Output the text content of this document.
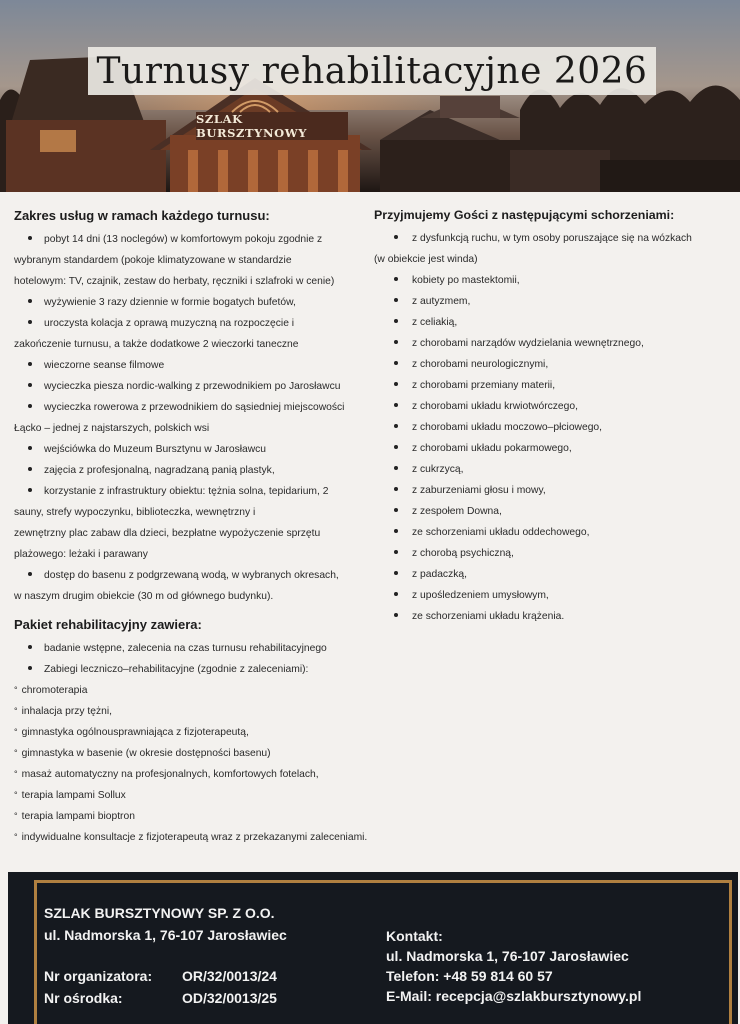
SZLAK BURSZTYNOWY
Turnusy rehabilitacyjne 2026
Zakres usług w ramach każdego turnusu:
pobyt 14 dni (13 noclegów) w komfortowym pokoju zgodnie z
wybranym standardem (pokoje klimatyzowane w standardzie
hotelowym: TV, czajnik, zestaw do herbaty, ręczniki i szlafroki w cenie)
wyżywienie 3 razy dziennie w formie bogatych bufetów,
uroczysta kolacja z oprawą muzyczną na rozpoczęcie i
zakończenie turnusu, a także dodatkowe 2 wieczorki taneczne
wieczorne seanse filmowe
wycieczka piesza nordic-walking z przewodnikiem po Jarosławcu
wycieczka rowerowa z przewodnikiem do sąsiedniej miejscowości
Łącko – jednej z najstarszych, polskich wsi
wejściówka do Muzeum Bursztynu w Jarosławcu
zajęcia z profesjonalną, nagradzaną panią plastyk,
korzystanie z infrastruktury obiektu: tężnia solna, tepidarium, 2
sauny, strefy wypoczynku, biblioteczka, wewnętrzny i
zewnętrzny plac zabaw dla dzieci, bezpłatne wypożyczenie sprzętu
plażowego: leżaki i parawany
dostęp do basenu z podgrzewaną wodą, w wybranych okresach,
w naszym drugim obiekcie (30 m od głównego budynku).
Pakiet rehabilitacyjny zawiera:
badanie wstępne, zalecenia na czas turnusu rehabilitacyjnego
Zabiegi leczniczo–rehabilitacyjne (zgodnie z zaleceniami):
° chromoterapia
° inhalacja przy tężni,
° gimnastyka ogólnousprawniająca z fizjoterapeutą,
° gimnastyka w basenie (w okresie dostępności basenu)
° masaż automatyczny na profesjonalnych, komfortowych fotelach,
° terapia lampami Sollux
° terapia lampami bioptron
° indywidualne konsultacje z fizjoterapeutą wraz z przekazanymi zaleceniami.
Przyjmujemy Gości z następującymi schorzeniami:
z dysfunkcją ruchu, w tym osoby poruszające się na wózkach
(w obiekcie jest winda)
kobiety po mastektomii,
z autyzmem,
z celiakią,
z chorobami narządów wydzielania wewnętrznego,
z chorobami neurologicznymi,
z chorobami przemiany materii,
z chorobami układu krwiotwórczego,
z chorobami układu moczowo–płciowego,
z chorobami układu pokarmowego,
z cukrzycą,
z zaburzeniami głosu i mowy,
z zespołem Downa,
ze schorzeniami układu oddechowego,
z chorobą psychiczną,
z padaczką,
z upośledzeniem umysłowym,
ze schorzeniami układu krążenia.
SZLAK BURSZTYNOWY SP. Z O.O.
ul. Nadmorska 1, 76-107 Jarosławiec
Nr organizatora: OR/32/0013/24
Nr ośrodka:	OD/32/0013/25
Kontakt:
ul. Nadmorska 1, 76-107 Jarosławiec
Telefon: +48 59 814 60 57
E-Mail: recepcja@szlakbursztynowy.pl
